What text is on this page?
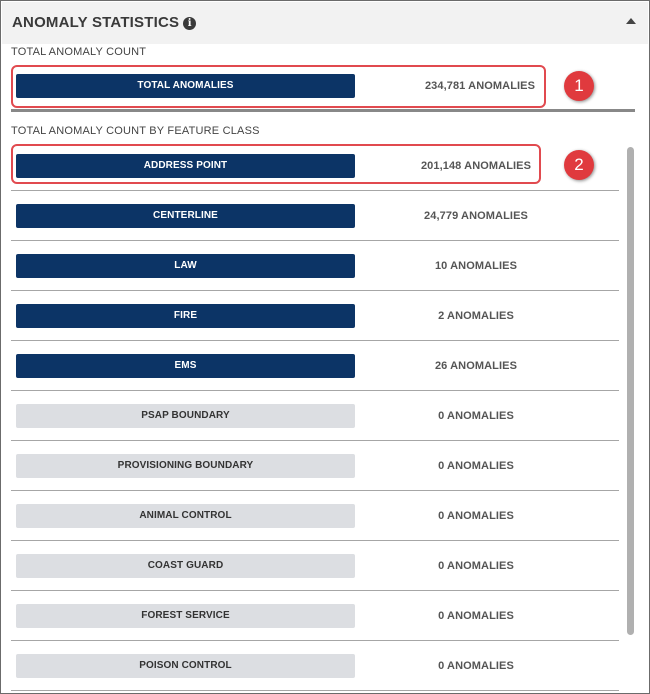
ANOMALY STATISTICS i
TOTAL ANOMALY COUNT
TOTAL ANOMALIES	234,781 ANOMALIES
TOTAL ANOMALY COUNT BY FEATURE CLASS
ADDRESS POINT	201,148 ANOMALIES
CENTERLINE	24,779 ANOMALIES
LAW	10 ANOMALIES
FIRE	2 ANOMALIES
EMS	26 ANOMALIES
PSAP BOUNDARY	0 ANOMALIES
PROVISIONING BOUNDARY	0 ANOMALIES
ANIMAL CONTROL	0 ANOMALIES
COAST GUARD	0 ANOMALIES
FOREST SERVICE	0 ANOMALIES
POISON CONTROL	0 ANOMALIES
1
2
